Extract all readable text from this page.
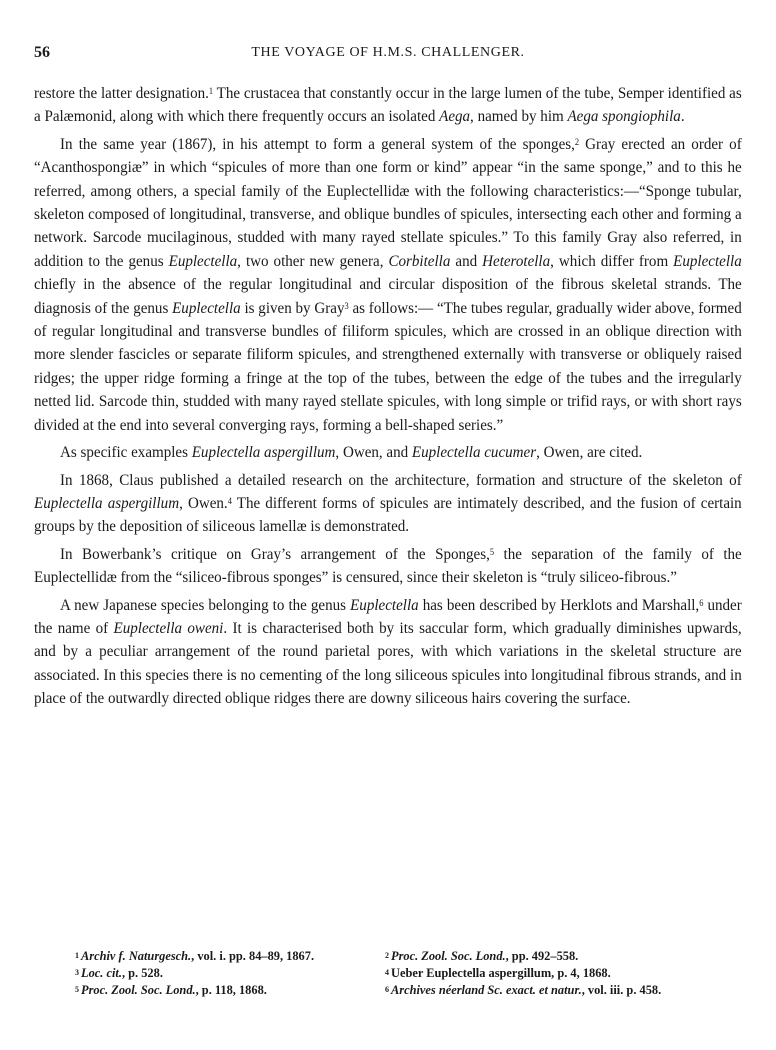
56	THE VOYAGE OF H.M.S. CHALLENGER.

restore the latter designation.$^1$ The crustacea that constantly occur in the large lumen of the tube, Semper identified as a Palæmonid, along with which there frequently occurs an isolated Aega, named by him Aega spongiophila.

In the same year (1867), in his attempt to form a general system of the sponges,$^2$ Gray erected an order of “Acanthospongiæ” in which “spicules of more than one form or kind” appear “in the same sponge,” and to this he referred, among others, a special family of the Euplectellidæ with the following characteristics:—“Sponge tubular, skeleton composed of longitudinal, transverse, and oblique bundles of spicules, intersecting each other and forming a network. Sarcode mucilaginous, studded with many rayed stellate spicules.” To this family Gray also referred, in addition to the genus Euplectella, two other new genera, Corbitella and Heterotella, which differ from Euplectella chiefly in the absence of the regular longitudinal and circular disposition of the fibrous skeletal strands. The diagnosis of the genus Euplectella is given by Gray$^3$ as follows:— “The tubes regular, gradually wider above, formed of regular longitudinal and transverse bundles of filiform spicules, which are crossed in an oblique direction with more slender fascicles or separate filiform spicules, and strengthened externally with transverse or obliquely raised ridges; the upper ridge forming a fringe at the top of the tubes, between the edge of the tubes and the irregularly netted lid. Sarcode thin, studded with many rayed stellate spicules, with long simple or trifid rays, or with short rays divided at the end into several converging rays, forming a bell-shaped series.”

As specific examples Euplectella aspergillum, Owen, and Euplectella cucumer, Owen, are cited.

In 1868, Claus published a detailed research on the architecture, formation and structure of the skeleton of Euplectella aspergillum, Owen.$^4$ The different forms of spicules are intimately described, and the fusion of certain groups by the deposition of siliceous lamellæ is demonstrated.

In Bowerbank’s critique on Gray’s arrangement of the Sponges,$^5$ the separation of the family of the Euplectellidæ from the “siliceo-fibrous sponges” is censured, since their skeleton is “truly siliceo-fibrous.”

A new Japanese species belonging to the genus Euplectella has been described by Herklots and Marshall,$^6$ under the name of Euplectella oweni. It is characterised both by its saccular form, which gradually diminishes upwards, and by a peculiar arrangement of the round parietal pores, with which variations in the skeletal structure are associated. In this species there is no cementing of the long siliceous spicules into longitudinal fibrous strands, and in place of the outwardly directed oblique ridges there are downy siliceous hairs covering the surface.

$^1$ Archiv f. Naturgesch., vol. i. pp. 84–89, 1867.
$^3$ Loc. cit., p. 528.
$^5$ Proc. Zool. Soc. Lond., p. 118, 1868.
$^2$ Proc. Zool. Soc. Lond., pp. 492–558.
$^4$ Ueber Euplectella aspergillum, p. 4, 1868.
$^6$ Archives néerland Sc. exact. et natur., vol. iii. p. 458.
